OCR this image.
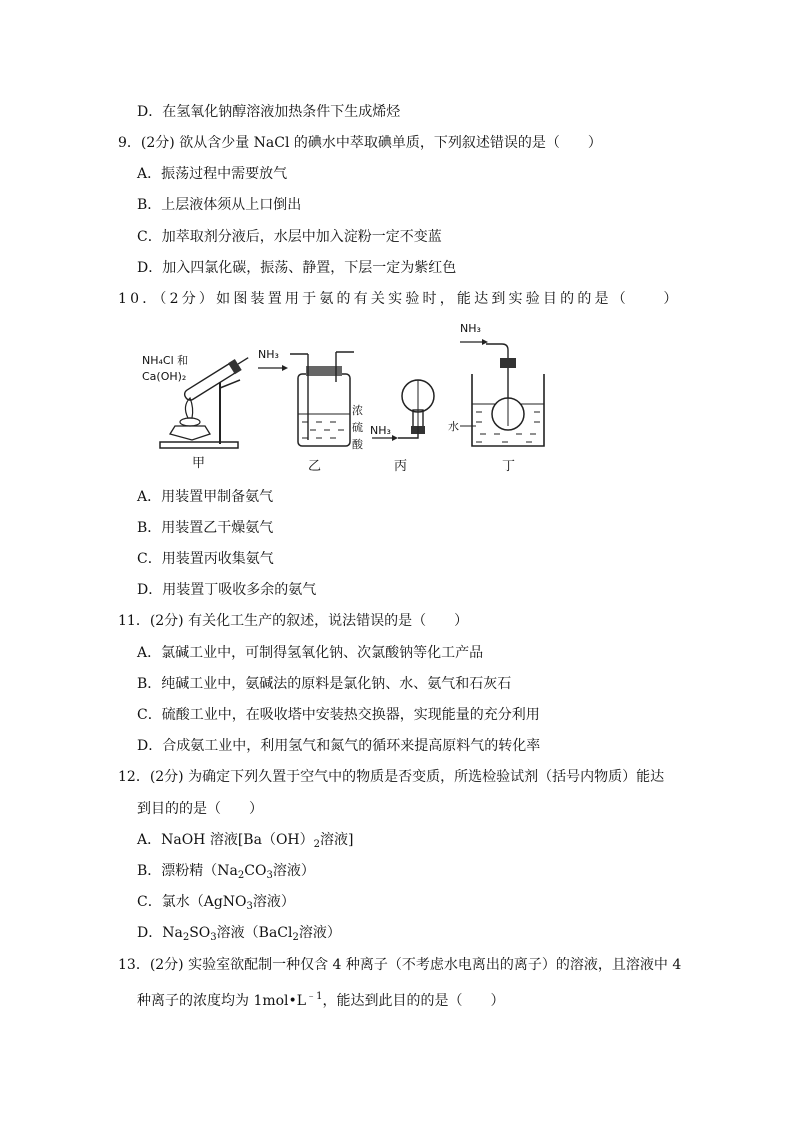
D．在氢氧化钠醇溶液加热条件下生成烯烃
9．(2分) 欲从含少量 NaCl 的碘水中萃取碘单质，下列叙述错误的是（　　）
A．振荡过程中需要放气
B．上层液体须从上口倒出
C．加萃取剂分液后，水层中加入淀粉一定不变蓝
D．加入四氯化碳，振荡、静置，下层一定为紫红色
10．（2分）如图装置用于氨的有关实验时，能达到实验目的的是（　　）
NH₄Cl 和
Ca(OH)₂
甲
NH₃
浓
硫
酸
乙
NH₃
丙
NH₃
水
丁
A．用装置甲制备氨气
B．用装置乙干燥氨气
C．用装置丙收集氨气
D．用装置丁吸收多余的氨气
11．(2分) 有关化工生产的叙述，说法错误的是（　　）
A．氯碱工业中，可制得氢氧化钠、次氯酸钠等化工产品
B．纯碱工业中，氨碱法的原料是氯化钠、水、氨气和石灰石
C．硫酸工业中，在吸收塔中安装热交换器，实现能量的充分利用
D．合成氨工业中，利用氢气和氮气的循环来提高原料气的转化率
12．(2分) 为确定下列久置于空气中的物质是否变质，所选检验试剂（括号内物质）能达
到目的的是（　　）
A．NaOH 溶液[$Ba(OH)_2$溶液]
B．漂粉精（$Na_2CO_3$溶液）
C．氯水（AgNO$_3$溶液）
D．$Na_2SO_3$溶液（BaCl$_2$溶液）
13．(2分) 实验室欲配制一种仅含 4 种离子（不考虑水电离出的离子）的溶液，且溶液中 4
种离子的浓度均为 $1mol•L^{﹣1}$，能达到此目的的是（　　）
